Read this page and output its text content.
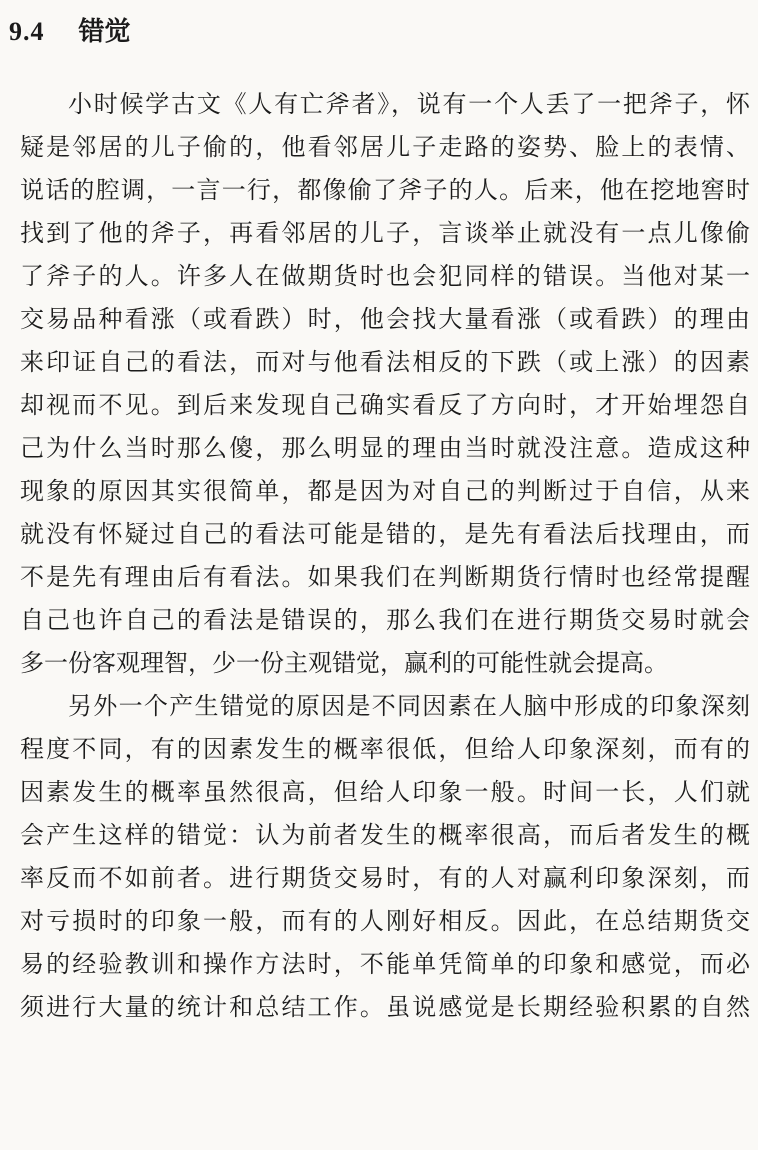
9.4 错觉
小时候学古文《人有亡斧者》，说有一个人丢了一把斧子，怀
疑是邻居的儿子偷的，他看邻居儿子走路的姿势、脸上的表情、
说话的腔调，一言一行，都像偷了斧子的人。后来，他在挖地窖时
找到了他的斧子，再看邻居的儿子，言谈举止就没有一点儿像偷
了斧子的人。许多人在做期货时也会犯同样的错误。当他对某一
交易品种看涨（或看跌）时，他会找大量看涨（或看跌）的理由
来印证自己的看法，而对与他看法相反的下跌（或上涨）的因素
却视而不见。到后来发现自己确实看反了方向时，才开始埋怨自
己为什么当时那么傻，那么明显的理由当时就没注意。造成这种
现象的原因其实很简单，都是因为对自己的判断过于自信，从来
就没有怀疑过自己的看法可能是错的，是先有看法后找理由，而
不是先有理由后有看法。如果我们在判断期货行情时也经常提醒
自己也许自己的看法是错误的，那么我们在进行期货交易时就会
多一份客观理智，少一份主观错觉，赢利的可能性就会提高。
另外一个产生错觉的原因是不同因素在人脑中形成的印象深刻
程度不同，有的因素发生的概率很低，但给人印象深刻，而有的
因素发生的概率虽然很高，但给人印象一般。时间一长，人们就
会产生这样的错觉：认为前者发生的概率很高，而后者发生的概
率反而不如前者。进行期货交易时，有的人对赢利印象深刻，而
对亏损时的印象一般，而有的人刚好相反。因此，在总结期货交
易的经验教训和操作方法时，不能单凭简单的印象和感觉，而必
须进行大量的统计和总结工作。虽说感觉是长期经验积累的自然
